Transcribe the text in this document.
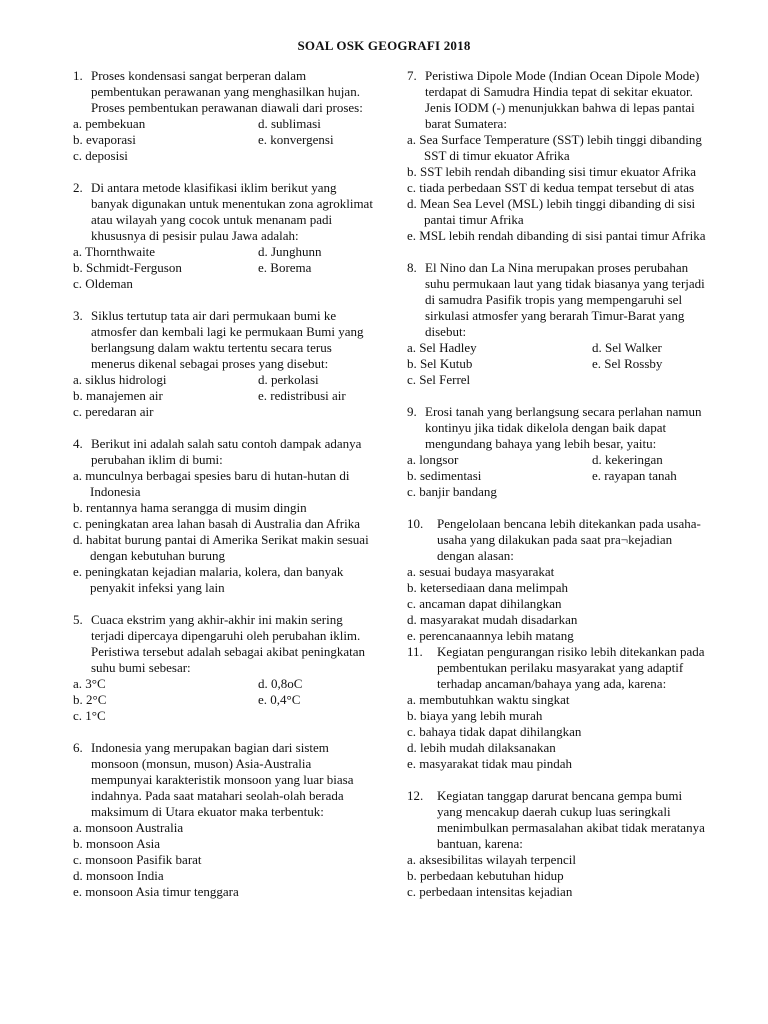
SOAL OSK GEOGRAFI 2018
1. Proses kondensasi sangat berperan dalam pembentukan perawanan yang menghasilkan hujan. Proses pembentukan perawanan diawali dari proses:
a. pembekuan	d. sublimasi
b. evaporasi	e. konvergensi
c. deposisi
2. Di antara metode klasifikasi iklim berikut yang banyak digunakan untuk menentukan zona agroklimat atau wilayah yang cocok untuk menanam padi khususnya di pesisir pulau Jawa adalah:
a. Thornthwaite	d. Junghunn
b. Schmidt-Ferguson	e. Borema
c. Oldeman
3. Siklus tertutup tata air dari permukaan bumi ke atmosfer dan kembali lagi ke permukaan Bumi yang berlangsung dalam waktu tertentu secara terus menerus dikenal sebagai proses yang disebut:
a. siklus hidrologi	d. perkolasi
b. manajemen air	e. redistribusi air
c. peredaran air
4. Berikut ini adalah salah satu contoh dampak adanya perubahan iklim di bumi:
a. munculnya berbagai spesies baru di hutan-hutan di Indonesia
b. rentannya hama serangga di musim dingin
c. peningkatan area lahan basah di Australia dan Afrika
d. habitat burung pantai di Amerika Serikat makin sesuai dengan kebutuhan burung
e. peningkatan kejadian malaria, kolera, dan banyak penyakit infeksi yang lain
5. Cuaca ekstrim yang akhir-akhir ini makin sering terjadi dipercaya dipengaruhi oleh perubahan iklim. Peristiwa tersebut adalah sebagai akibat peningkatan suhu bumi sebesar:
a. 3°C	d. 0,8oC
b. 2°C	e. 0,4°C
c. 1°C
6. Indonesia yang merupakan bagian dari sistem monsoon (monsun, muson) Asia-Australia mempunyai karakteristik monsoon yang luar biasa indahnya. Pada saat matahari seolah-olah berada maksimum di Utara ekuator maka terbentuk:
a. monsoon Australia
b. monsoon Asia
c. monsoon Pasifik barat
d. monsoon India
e. monsoon Asia timur tenggara
7. Peristiwa Dipole Mode (Indian Ocean Dipole Mode) terdapat di Samudra Hindia tepat di sekitar ekuator. Jenis IODM (-) menunjukkan bahwa di lepas pantai barat Sumatera:
a. Sea Surface Temperature (SST) lebih tinggi dibanding SST di timur ekuator Afrika
b. SST lebih rendah dibanding sisi timur ekuator Afrika
c. tiada perbedaan SST di kedua tempat tersebut di atas
d. Mean Sea Level (MSL) lebih tinggi dibanding di sisi pantai timur Afrika
e. MSL lebih rendah dibanding di sisi pantai timur Afrika
8. El Nino dan La Nina merupakan proses perubahan suhu permukaan laut yang tidak biasanya yang terjadi di samudra Pasifik tropis yang mempengaruhi sel sirkulasi atmosfer yang berarah Timur-Barat yang disebut:
a. Sel Hadley	d. Sel Walker
b. Sel Kutub	e. Sel Rossby
c. Sel Ferrel
9. Erosi tanah yang berlangsung secara perlahan namun kontinyu jika tidak dikelola dengan baik dapat mengundang bahaya yang lebih besar, yaitu:
a. longsor	d. kekeringan
b. sedimentasi	e. rayapan tanah
c. banjir bandang
10.	Pengelolaan bencana lebih ditekankan pada usaha-usaha yang dilakukan pada saat pra¬kejadian dengan alasan:
a. sesuai budaya masyarakat
b. ketersediaan dana melimpah
c. ancaman dapat dihilangkan
d. masyarakat mudah disadarkan
e. perencanaannya lebih matang
11.	Kegiatan pengurangan risiko lebih ditekankan pada pembentukan perilaku masyarakat yang adaptif terhadap ancaman/bahaya yang ada, karena:
a. membutuhkan waktu singkat
b. biaya yang lebih murah
c. bahaya tidak dapat dihilangkan
d. lebih mudah dilaksanakan
e. masyarakat tidak mau pindah
12.	Kegiatan tanggap darurat bencana gempa bumi yang mencakup daerah cukup luas seringkali menimbulkan permasalahan akibat tidak meratanya bantuan, karena:
a. aksesibilitas wilayah terpencil
b. perbedaan kebutuhan hidup
c. perbedaan intensitas kejadian
